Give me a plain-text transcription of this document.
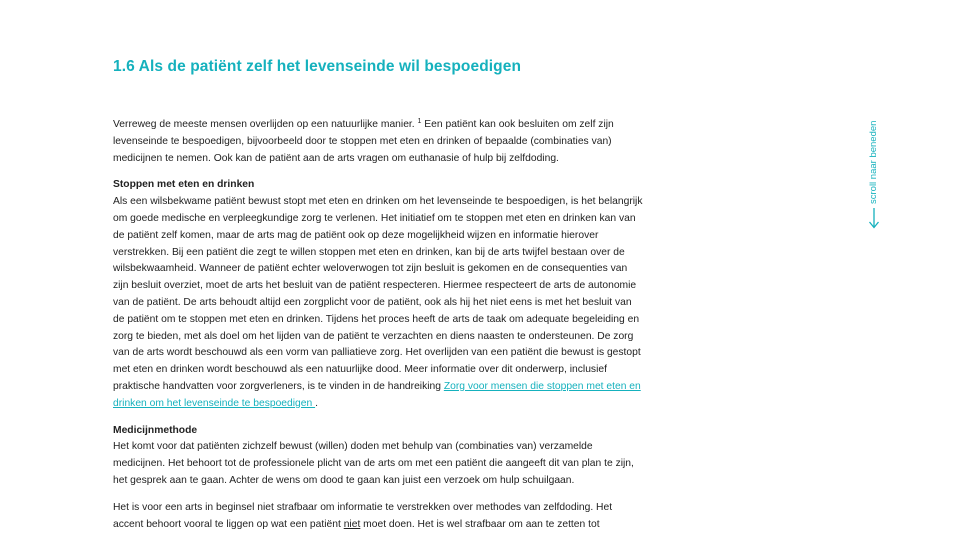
1.6 Als de patiënt zelf het levenseinde wil bespoedigen

Verreweg de meeste mensen overlijden op een natuurlijke manier. $^1$ Een patiënt kan ook besluiten om zelf zijn levenseinde te bespoedigen, bijvoorbeeld door te stoppen met eten en drinken of bepaalde (combinaties van) medicijnen te nemen. Ook kan de patiënt aan de arts vragen om euthanasie of hulp bij zelfdoding.

Stoppen met eten en drinken

Als een wilsbekwame patiënt bewust stopt met eten en drinken om het levenseinde te bespoedigen, is het belangrijk om goede medische en verpleegkundige zorg te verlenen. Het initiatief om te stoppen met eten en drinken kan van de patiënt zelf komen, maar de arts mag de patiënt ook op deze mogelijkheid wijzen en informatie hierover verstrekken. Bij een patiënt die zegt te willen stoppen met eten en drinken, kan bij de arts twijfel bestaan over de wilsbekwaamheid. Wanneer de patiënt echter weloverwogen tot zijn besluit is gekomen en de consequenties van zijn besluit overziet, moet de arts het besluit van de patiënt respecteren. Hiermee respecteert de arts de autonomie van de patiënt. De arts behoudt altijd een zorgplicht voor de patiënt, ook als hij het niet eens is met het besluit van de patiënt om te stoppen met eten en drinken. Tijdens het proces heeft de arts de taak om adequate begeleiding en zorg te bieden, met als doel om het lijden van de patiënt te verzachten en diens naasten te ondersteunen. De zorg van de arts wordt beschouwd als een vorm van palliatieve zorg. Het overlijden van een patiënt die bewust is gestopt met eten en drinken wordt beschouwd als een natuurlijke dood. Meer informatie over dit onderwerp, inclusief praktische handvatten voor zorgverleners, is te vinden in de handreiking Zorg voor mensen die stoppen met eten en drinken om het levenseinde te bespoedigen .

Medicijnmethode

Het komt voor dat patiënten zichzelf bewust (willen) doden met behulp van (combinaties van) verzamelde medicijnen. Het behoort tot de professionele plicht van de arts om met een patiënt die aangeeft dit van plan te zijn, het gesprek aan te gaan. Achter de wens om dood te gaan kan juist een verzoek om hulp schuilgaan.

Het is voor een arts in beginsel niet strafbaar om informatie te verstrekken over methodes van zelfdoding. Het accent behoort vooral te liggen op wat een patiënt niet moet doen. Het is wel strafbaar om aan te zetten tot

scroll naar beneden
